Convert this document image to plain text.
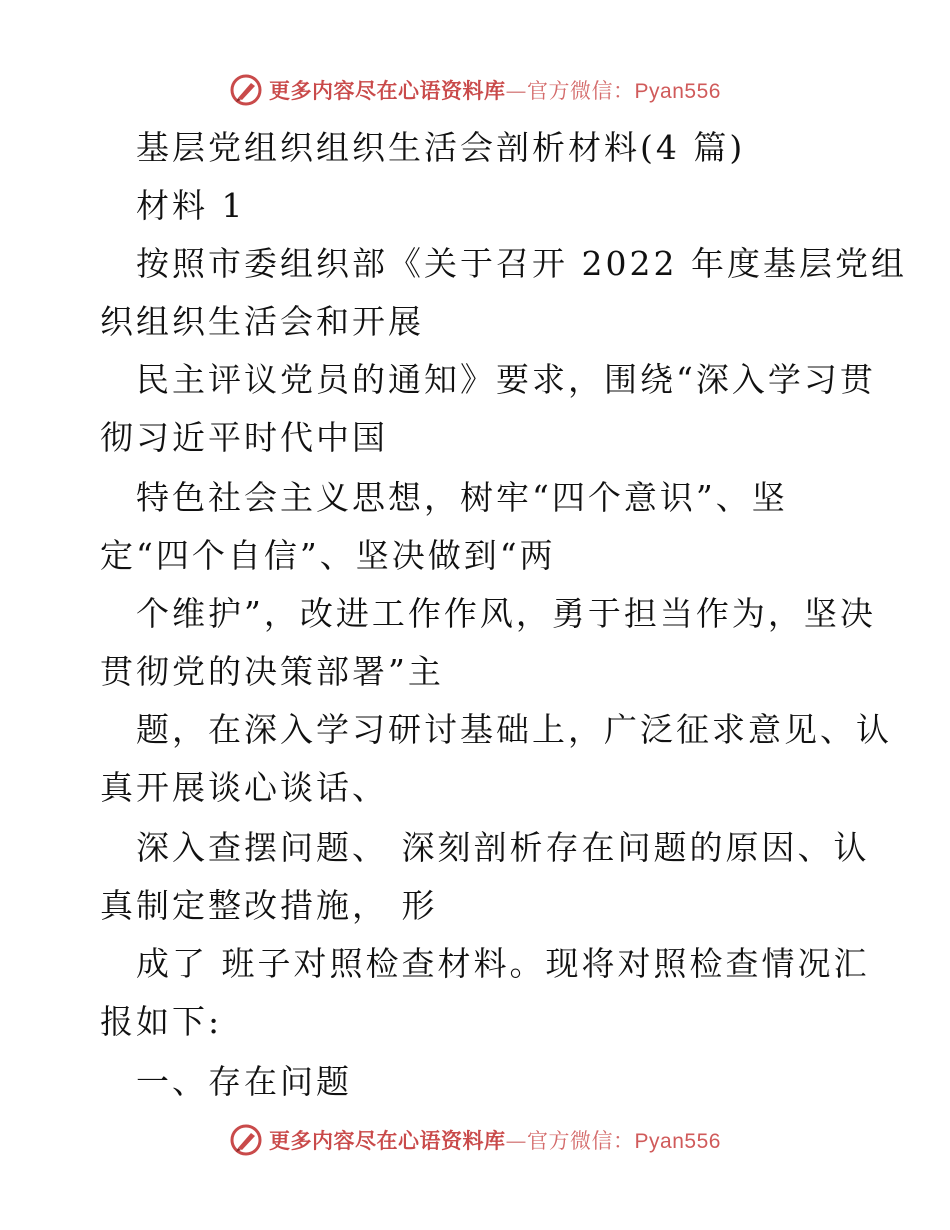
更多内容尽在心语资料库—官方微信：Pyan556
基层党组织组织生活会剖析材料(4 篇)
材料 1
按照市委组织部《关于召开 2022 年度基层党组
织组织生活会和开展
民主评议党员的通知》要求，围绕“深入学习贯
彻习近平时代中国
特色社会主义思想，树牢“四个意识”、坚
定“四个自信”、坚决做到“两
个维护”，改进工作作风，勇于担当作为，坚决
贯彻党的决策部署”主
题，在深入学习研讨基础上，广泛征求意见、认
真开展谈心谈话、
深入查摆问题、 深刻剖析存在问题的原因、认
真制定整改措施， 形
成了 班子对照检查材料。现将对照检查情况汇
报如下:
一、存在问题
更多内容尽在心语资料库—官方微信：Pyan556
